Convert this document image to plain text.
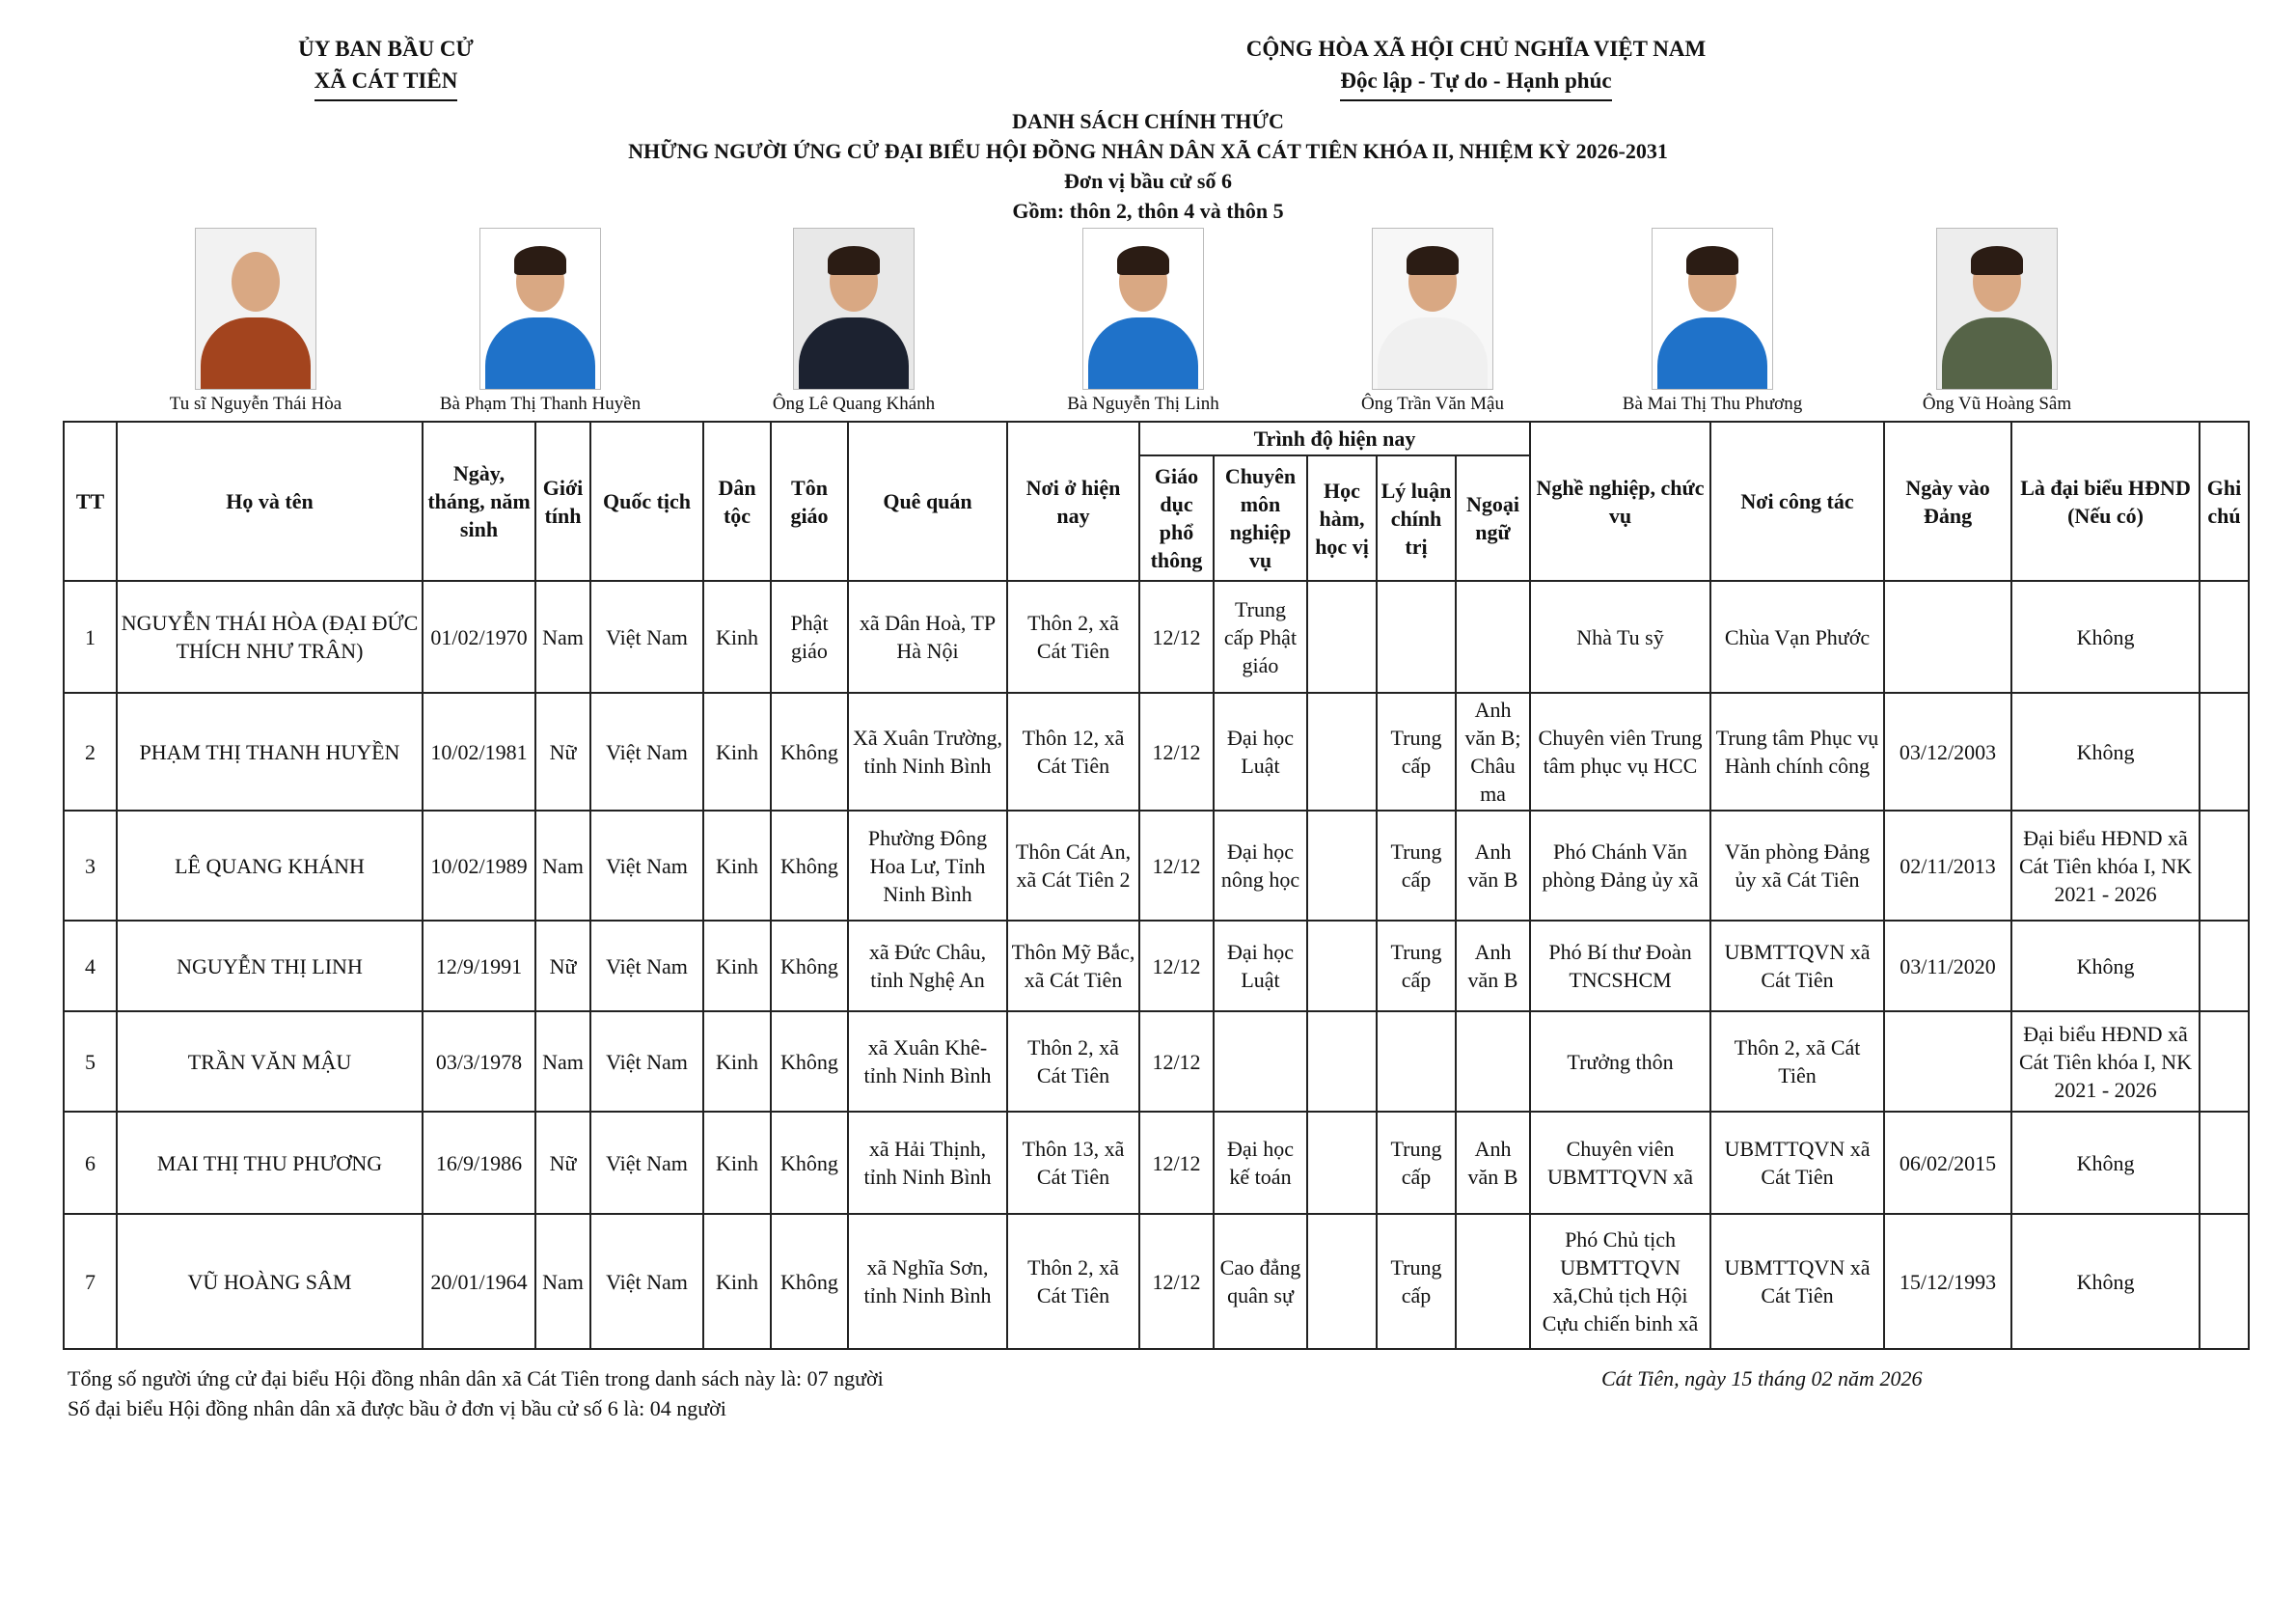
ỦY BAN BẦU CỬ
XÃ CÁT TIÊN
CỘNG HÒA XÃ HỘI CHỦ NGHĨA VIỆT NAM
Độc lập - Tự do - Hạnh phúc
DANH SÁCH CHÍNH THỨC
NHỮNG NGƯỜI ỨNG CỬ ĐẠI BIỂU HỘI ĐỒNG NHÂN DÂN XÃ CÁT TIÊN KHÓA II, NHIỆM KỲ 2026-2031
Đơn vị bầu cử số 6
Gồm: thôn 2, thôn 4 và thôn 5
Tu sĩ Nguyễn Thái Hòa	Bà Phạm Thị Thanh Huyền	Ông Lê Quang Khánh	Bà Nguyễn Thị Linh	Ông Trần Văn Mậu	Bà Mai Thị Thu Phương	Ông Vũ Hoàng Sâm
TT	Họ và tên	Ngày, tháng, năm sinh	Giới tính	Quốc tịch	Dân tộc	Tôn giáo	Quê quán	Nơi ở hiện nay	Trình độ hiện nay					Nghề nghiệp, chức vụ	Nơi công tác	Ngày vào Đảng	Là đại biểu HĐND (Nếu có)	Ghi chú
									Giáo dục phổ thông	Chuyên môn nghiệp vụ	Học hàm, học vị	Lý luận chính trị	Ngoại ngữ					
1	NGUYỄN THÁI HÒA (ĐẠI ĐỨC THÍCH NHƯ TRÂN)	01/02/1970	Nam	Việt Nam	Kinh	Phật giáo	xã Dân Hoà, TP Hà Nội	Thôn 2, xã Cát Tiên	12/12	Trung cấp Phật giáo				Nhà Tu sỹ	Chùa Vạn Phước		Không	
2	PHẠM THỊ THANH HUYỀN	10/02/1981	Nữ	Việt Nam	Kinh	Không	Xã Xuân Trường, tỉnh Ninh Bình	Thôn 12, xã Cát Tiên	12/12	Đại học Luật		Trung cấp	Anh văn B; Châu ma	Chuyên viên Trung tâm phục vụ HCC	Trung tâm Phục vụ Hành chính công	03/12/2003	Không	
3	LÊ QUANG KHÁNH	10/02/1989	Nam	Việt Nam	Kinh	Không	Phường Đông Hoa Lư, Tỉnh Ninh Bình	Thôn Cát An, xã Cát Tiên 2	12/12	Đại học nông học		Trung cấp	Anh văn B	Phó Chánh Văn phòng Đảng ủy xã	Văn phòng Đảng ủy xã Cát Tiên	02/11/2013	Đại biểu HĐND xã Cát Tiên khóa I, NK 2021 - 2026	
4	NGUYỄN THỊ LINH	12/9/1991	Nữ	Việt Nam	Kinh	Không	xã Đức Châu, tỉnh Nghệ An	Thôn Mỹ Bắc, xã Cát Tiên	12/12	Đại học Luật		Trung cấp	Anh văn B	Phó Bí thư Đoàn TNCSHCM	UBMTTQVN xã Cát Tiên	03/11/2020	Không	
5	TRẦN VĂN MẬU	03/3/1978	Nam	Việt Nam	Kinh	Không	xã Xuân Khê-tỉnh Ninh Bình	Thôn 2, xã Cát Tiên	12/12					Trưởng thôn	Thôn 2, xã Cát Tiên		Đại biểu HĐND xã Cát Tiên khóa I, NK 2021 - 2026	
6	MAI THỊ THU PHƯƠNG	16/9/1986	Nữ	Việt Nam	Kinh	Không	xã Hải Thịnh, tỉnh Ninh Bình	Thôn 13, xã Cát Tiên	12/12	Đại học kế toán		Trung cấp	Anh văn B	Chuyên viên UBMTTQVN xã	UBMTTQVN xã Cát Tiên	06/02/2015	Không	
7	VŨ HOÀNG SÂM	20/01/1964	Nam	Việt Nam	Kinh	Không	xã Nghĩa Sơn, tỉnh Ninh Bình	Thôn 2, xã Cát Tiên	12/12	Cao đẳng quân sự		Trung cấp		Phó Chủ tịch UBMTTQVN xã,Chủ tịch Hội Cựu chiến binh xã	UBMTTQVN xã Cát Tiên	15/12/1993	Không	
Tổng số người ứng cử đại biểu Hội đồng nhân dân xã Cát Tiên trong danh sách này là: 07 người
Số đại biểu Hội đồng nhân dân xã được bầu ở đơn vị bầu cử số 6 là: 04 người
Cát Tiên, ngày 15 tháng 02 năm 2026
